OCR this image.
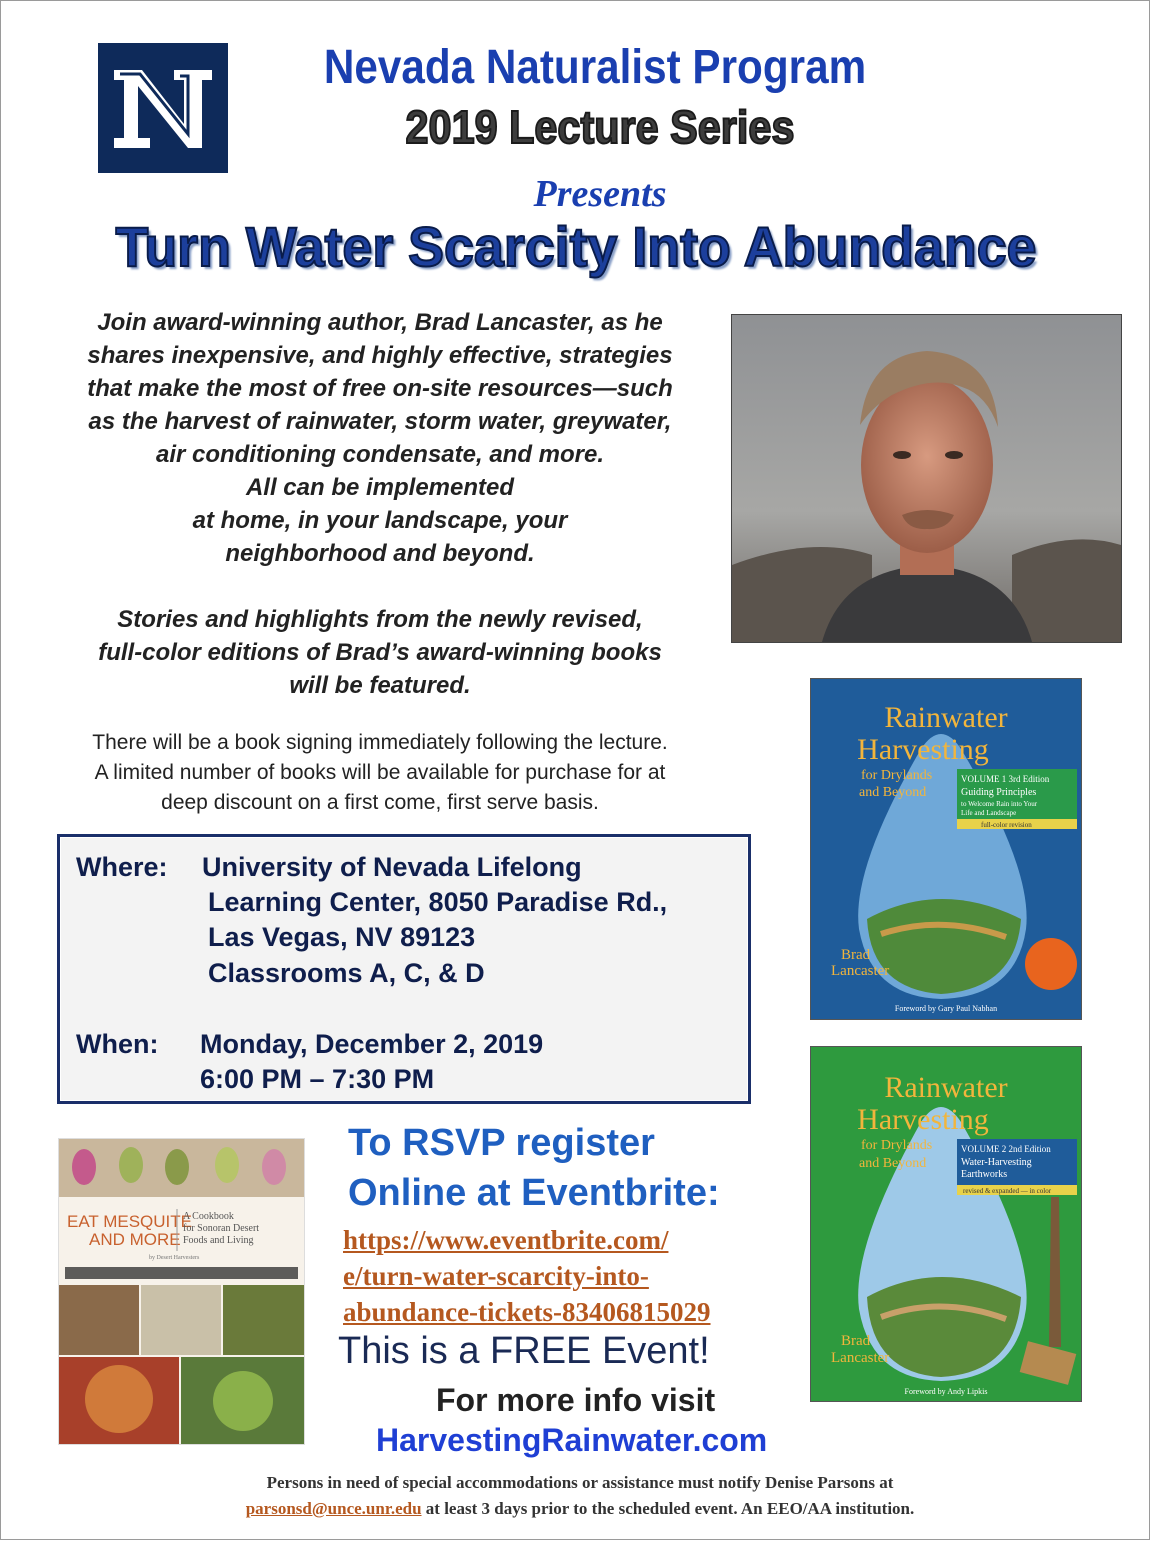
Nevada Naturalist Program
2019 Lecture Series
Presents
Turn Water Scarcity Into Abundance

Join award-winning author, Brad Lancaster, as he

shares inexpensive, and highly effective, strategies

that make the most of free on-site resources—such

as the harvest of rainwater, storm water, greywater,

air conditioning condensate, and more.

All can be implemented

at home, in your landscape, your

neighborhood and beyond.

Stories and highlights from the newly revised,

full-color editions of Brad’s award-winning books

will be featured.

There will be a book signing immediately following the lecture.

A limited number of books will be available for purchase for at

deep discount on a first come, first serve basis.

Where: University of Nevada Lifelong
Learning Center, 8050 Paradise Rd.,
Las Vegas, NV 89123
Classrooms A, C, & D
When: Monday, December 2, 2019
6:00 PM – 7:30 PM
EAT MESQUITE
AND MORE
A Cookbook
for Sonoran Desert
Foods and Living
by Desert Harvesters
To RSVP register
Online at Eventbrite:
https://www.eventbrite.com/
e/turn-water-scarcity-into-
abundance-tickets-83406815029
This is a FREE Event!
For more info visit
HarvestingRainwater.com

Persons in need of special accommodations or assistance must notify Denise Parsons at

parsonsd@unce.unr.edu at least 3 days prior to the scheduled event. An EEO/AA institution.

Rainwater
Harvesting
for Drylands
and Beyond
VOLUME 1 3rd Edition
Guiding Principles
to Welcome Rain into Your
Life and Landscape
full-color revision
Brad
Lancaster
Foreword by Gary Paul Nabhan
Rainwater
Harvesting
for Drylands
and Beyond
VOLUME 2 2nd Edition
Water-Harvesting
Earthworks
revised & expanded — in color
Brad
Lancaster
Foreword by Andy Lipkis
